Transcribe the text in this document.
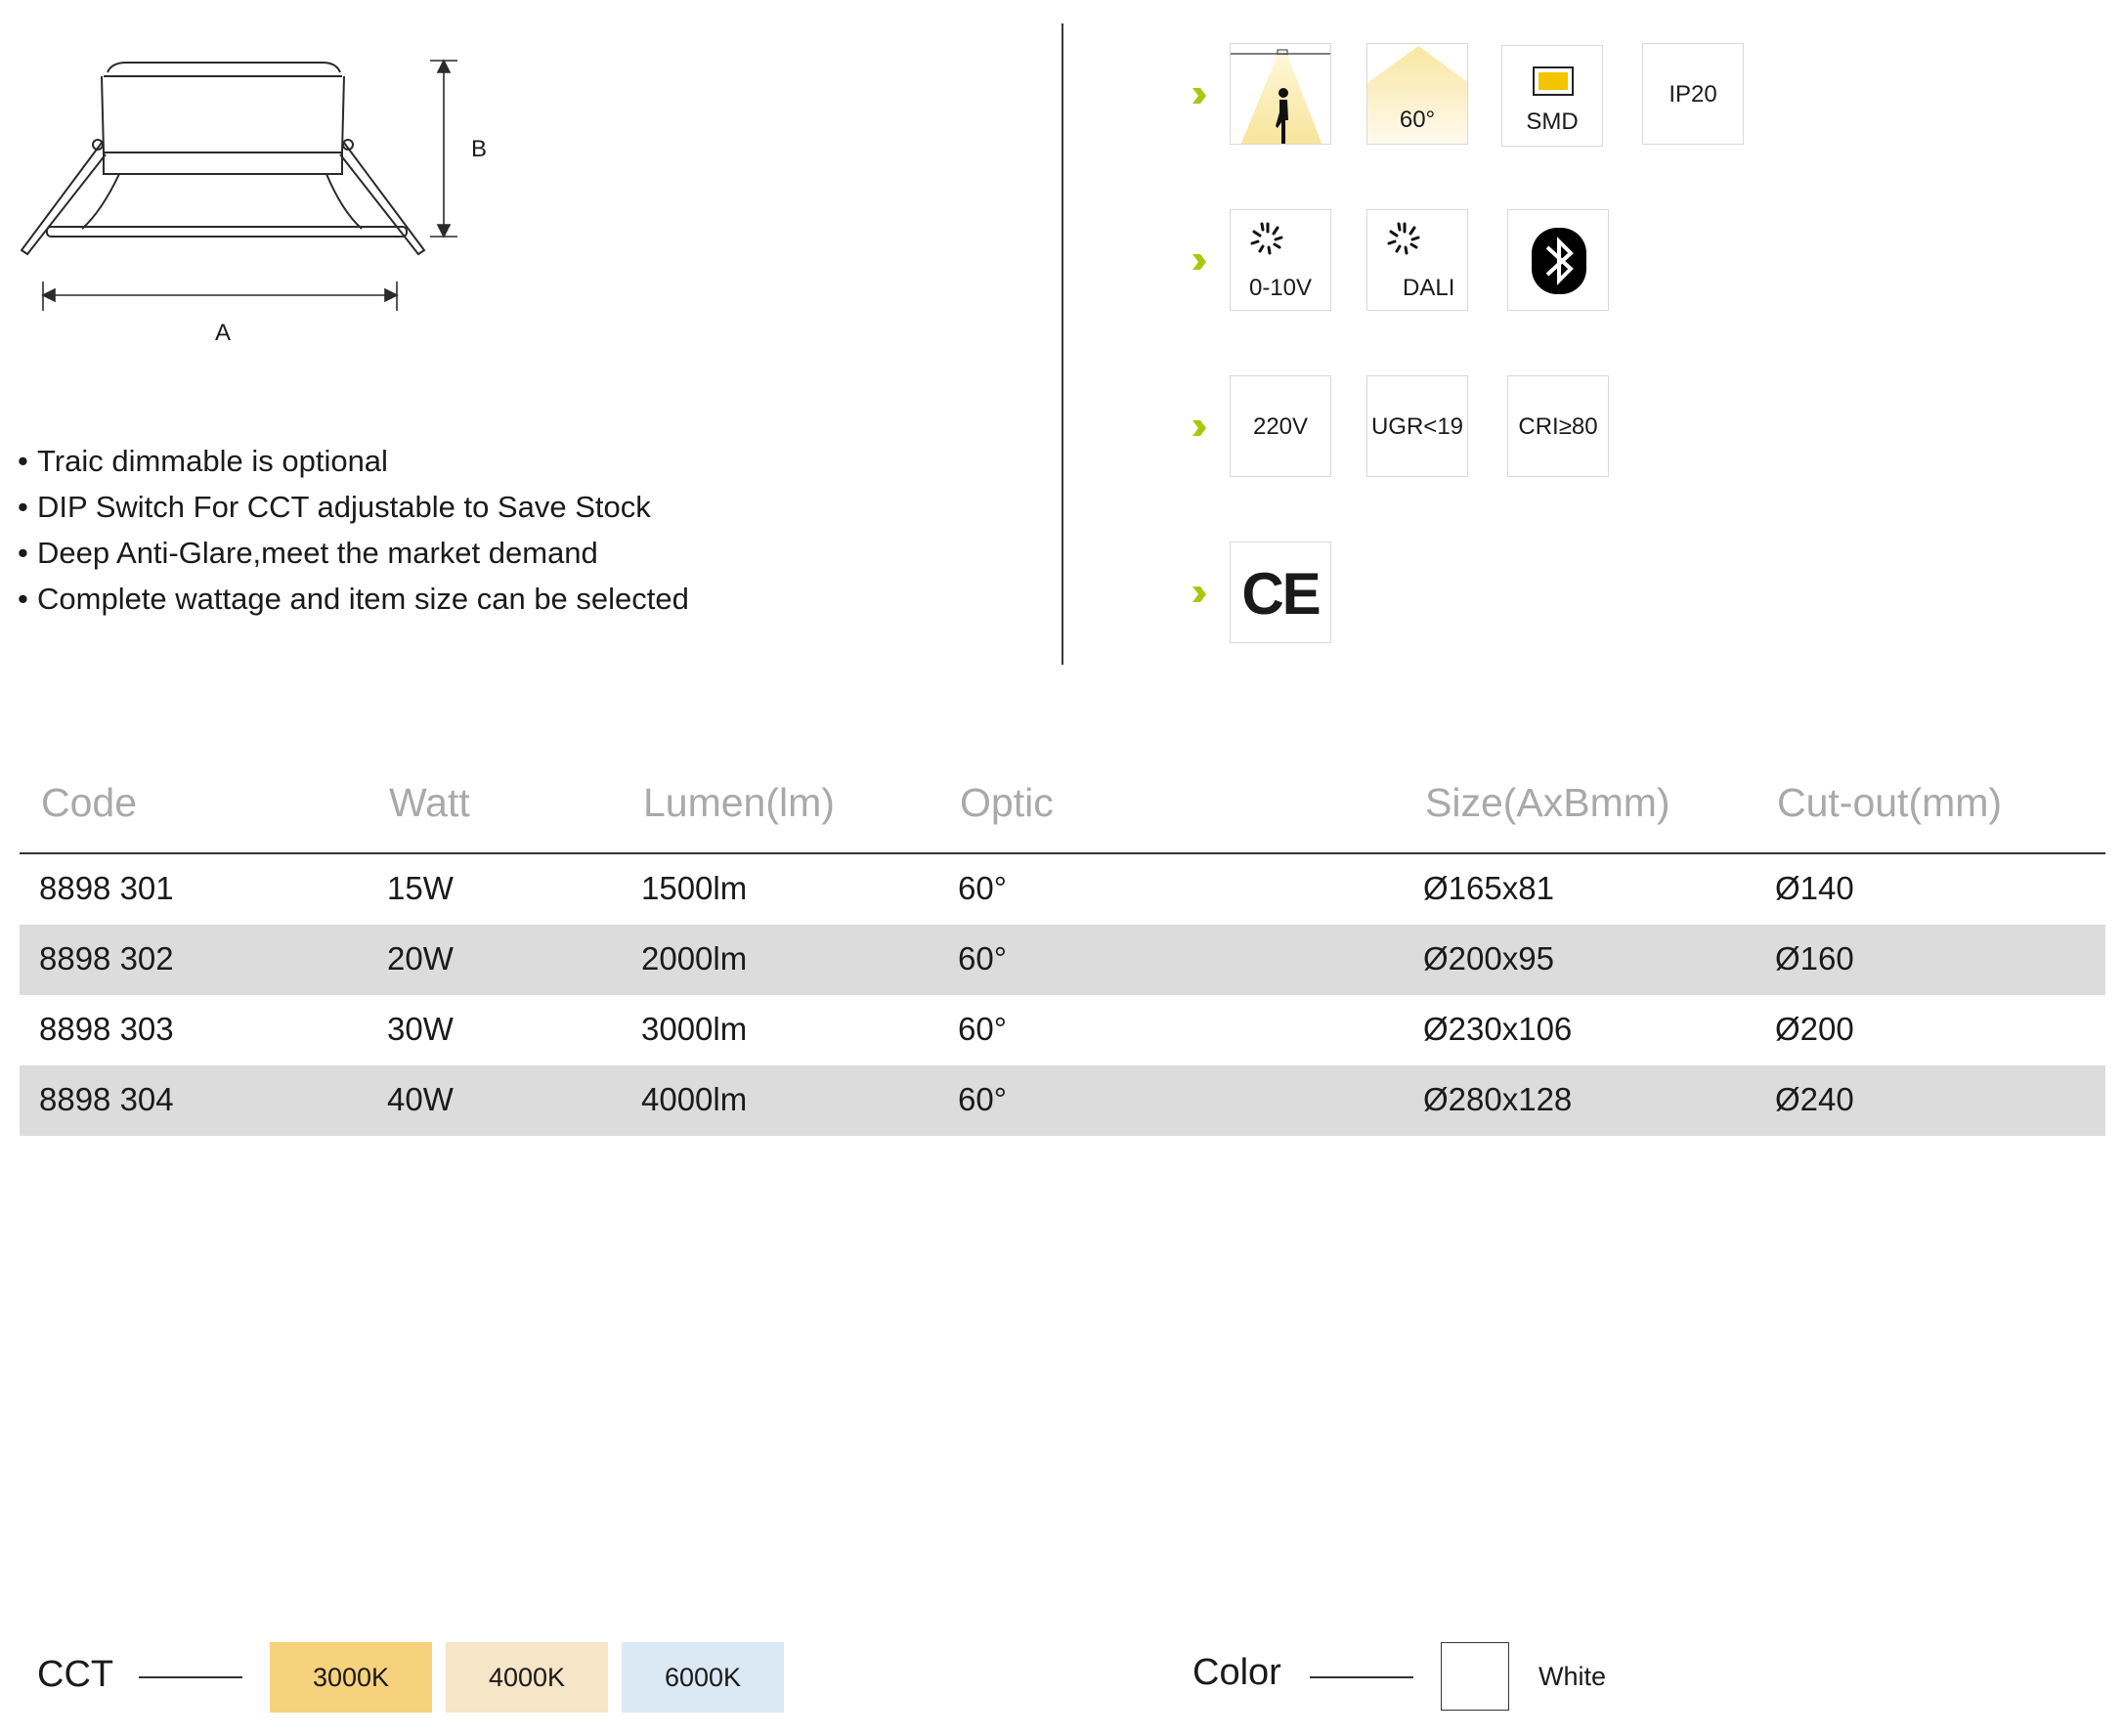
B
A
• Traic dimmable is optional
• DIP Switch For CCT adjustable to Save Stock
• Deep Anti-Glare,meet the market demand
• Complete wattage and item size can be selected
60°	SMD
IP20
0-10V	DALI
220V	UGR<19	CRI≥80
CE
Code	Watt	Lumen(lm)	Optic	Size(AxBmm)	Cut-out(mm)
8898 301	15W	1500lm	60°	Ø165x81	Ø140
8898 302	20W	2000lm	60°	Ø200x95	Ø160
8898 303	30W	3000lm	60°	Ø230x106	Ø200
8898 304	40W	4000lm	60°	Ø280x128	Ø240
CCT	3000K	4000K	6000K	Color	White
